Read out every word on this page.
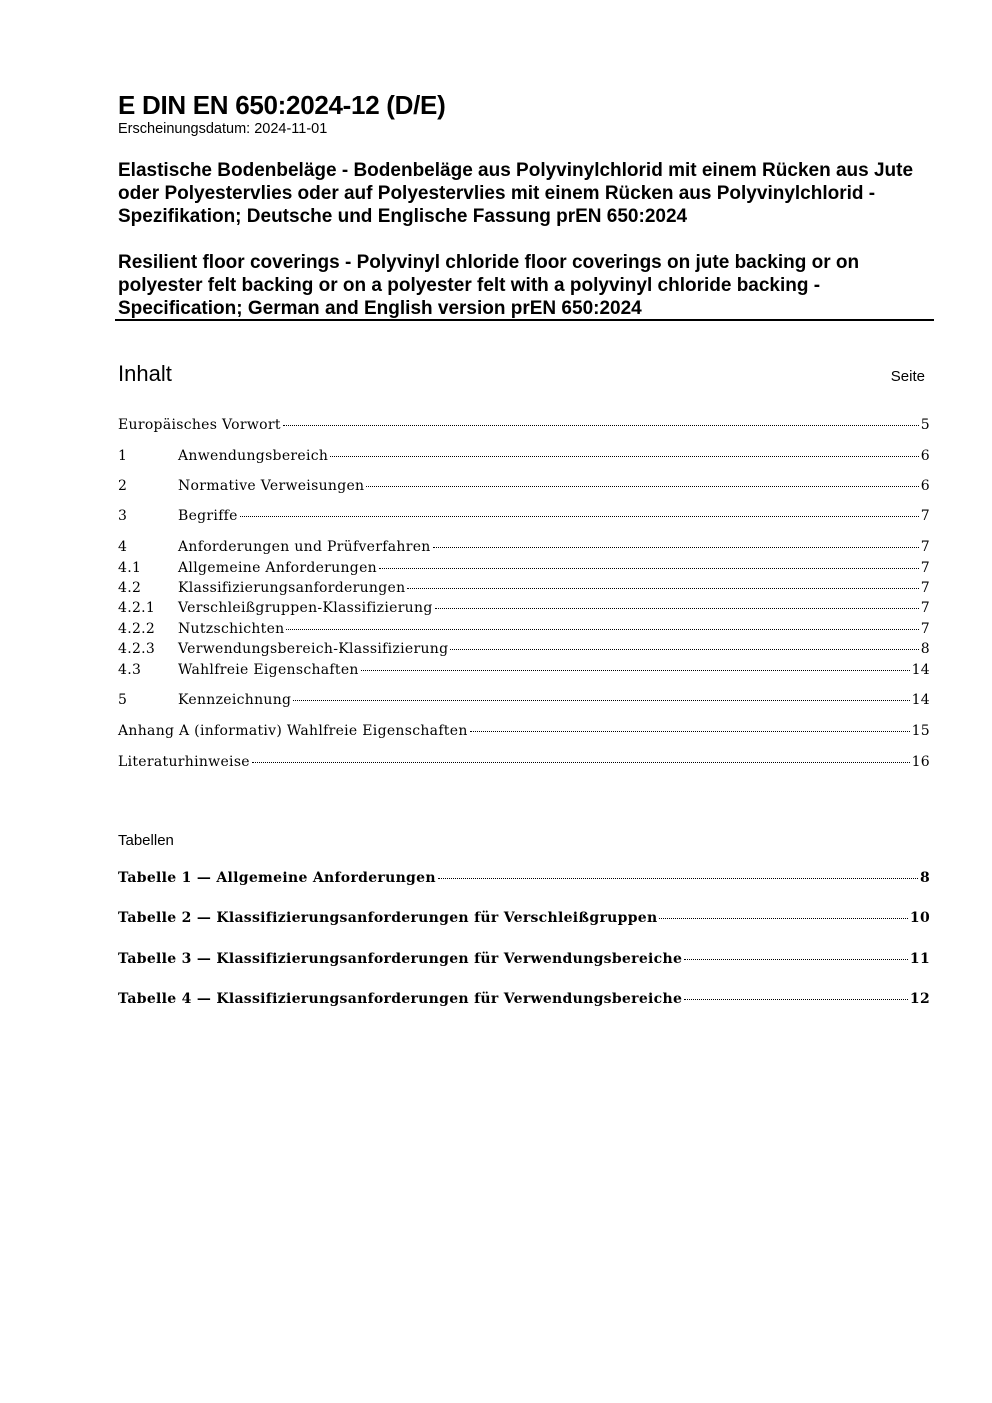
E DIN EN 650:2024-12 (D/E)
Erscheinungsdatum: 2024-11-01
Elastische Bodenbeläge - Bodenbeläge aus Polyvinylchlorid mit einem Rücken aus Jute oder Polyestervlies oder auf Polyestervlies mit einem Rücken aus Polyvinylchlorid - Spezifikation; Deutsche und Englische Fassung prEN 650:2024
Resilient floor coverings - Polyvinyl chloride floor coverings on jute backing or on polyester felt backing or on a polyester felt with a polyvinyl chloride backing - Specification; German and English version prEN 650:2024
Inhalt	Seite
Europäisches Vorwort	5
1	Anwendungsbereich	6
2	Normative Verweisungen	6
3	Begriffe	7
4	Anforderungen und Prüfverfahren	7
4.1	Allgemeine Anforderungen	7
4.2	Klassifizierungsanforderungen	7
4.2.1	Verschleißgruppen-Klassifizierung	7
4.2.2	Nutzschichten	7
4.2.3	Verwendungsbereich-Klassifizierung	8
4.3	Wahlfreie Eigenschaften	14
5	Kennzeichnung	14
Anhang A (informativ) Wahlfreie Eigenschaften	15
Literaturhinweise	16
Tabelle 1 — Allgemeine Anforderungen	8
Tabelle 2 — Klassifizierungsanforderungen für Verschleißgruppen	10
Tabelle 3 — Klassifizierungsanforderungen für Verwendungsbereiche	11
Tabelle 4 — Klassifizierungsanforderungen für Verwendungsbereiche	12
Tabellen
